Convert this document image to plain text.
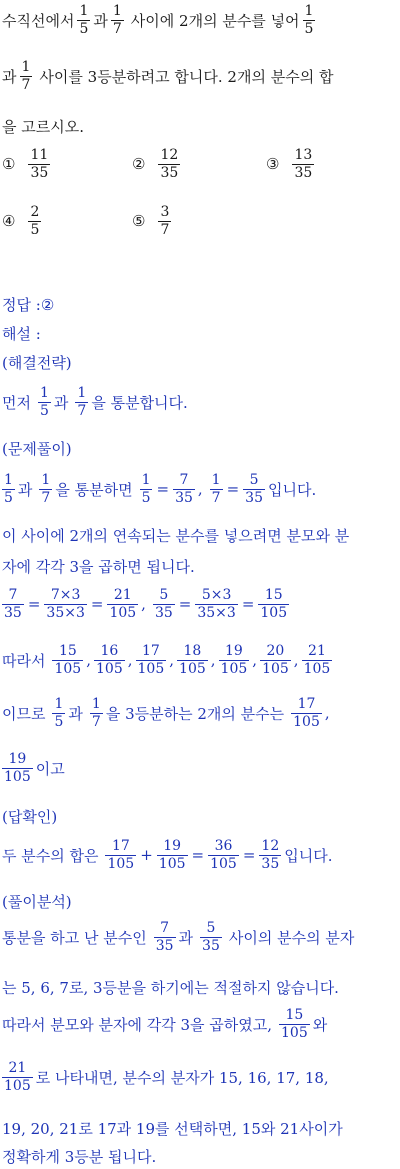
수직선에서 $\frac{1}{5}$ 과 $\frac{1}{7}$ 사이에 2개의 분수를 넣어 $\frac{1}{5}$
과 $\frac{1}{7}$ 사이를 3등분하려고 합니다. 2개의 분수의 합
을 고르시오.
① $\frac{11}{35}$	② $\frac{12}{35}$	③ $\frac{13}{35}$
④ $\frac{2}{5}$	⑤ $\frac{3}{7}$
정답 : ②
해설 :
(해결전략)
먼저 $\frac{1}{5}$ 과 $\frac{1}{7}$ 을 통분합니다.
(문제풀이)
$\frac{1}{5}$ 과 $\frac{1}{7}$ 을 통분하면 $\frac{1}{5} = \frac{7}{35}$ , $\frac{1}{7} = \frac{5}{35}$ 입니다.
이 사이에 2개의 연속되는 분수를 넣으려면 분모와 분
자에 각각 3을 곱하면 됩니다.
$\frac{7}{35} = \frac{7\times 3}{35\times 3} = \frac{21}{105}$ , $\frac{5}{35} = \frac{5\times 3}{35\times 3} = \frac{15}{105}$
따라서 $\frac{15}{105}$ , $\frac{16}{105}$ , $\frac{17}{105}$ , $\frac{18}{105}$ , $\frac{19}{105}$ , $\frac{20}{105}$ , $\frac{21}{105}$
이므로 $\frac{1}{5}$ 과 $\frac{1}{7}$ 을 3등분하는 2개의 분수는 $\frac{17}{105}$ ,
$\frac{19}{105}$ 이고
(답확인)
두 분수의 합은 $\frac{17}{105} + \frac{19}{105} = \frac{36}{105} = \frac{12}{35}$ 입니다.
(풀이분석)
통분을 하고 난 분수인 $\frac{7}{35}$ 과 $\frac{5}{35}$ 사이의 분수의 분자
는 5, 6, 7로, 3등분을 하기에는 적절하지 않습니다.
따라서 분모와 분자에 각각 3을 곱하였고, $\frac{15}{105}$ 와
$\frac{21}{105}$ 로 나타내면, 분수의 분자가 15, 16, 17, 18,
19, 20, 21로 17과 19를 선택하면, 15와 21사이가
정확하게 3등분 됩니다.
